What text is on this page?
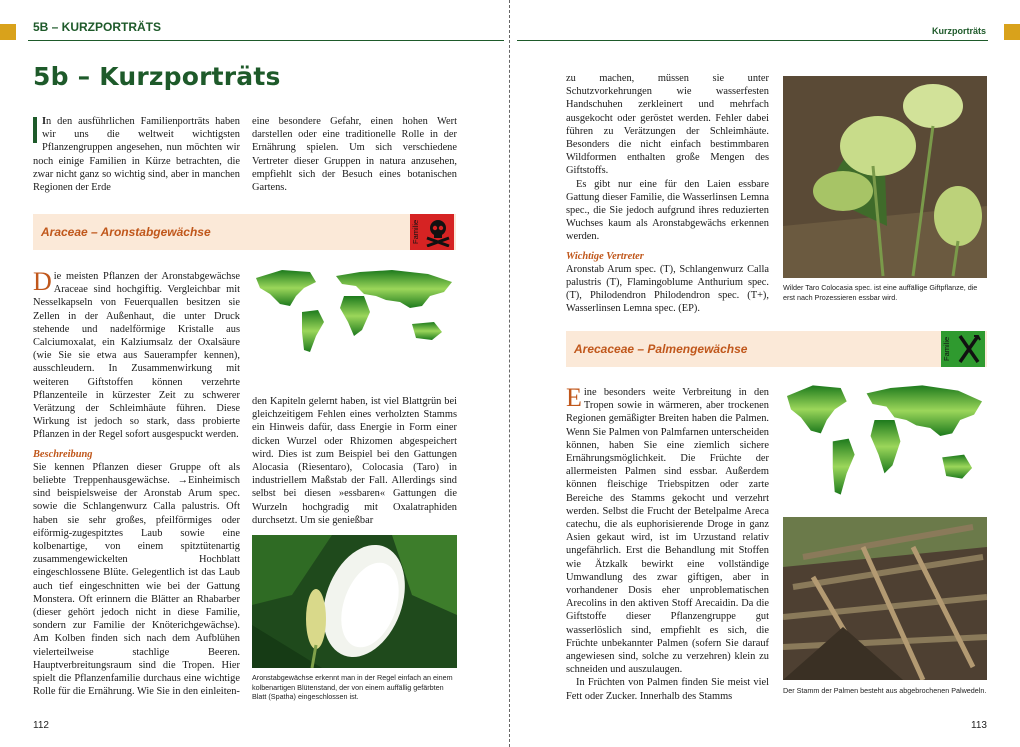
5B – KURZPORTRÄTS
5b – Kurzporträts

In den ausführlichen Familienporträts haben wir uns die weltweit wichtigsten Pflanzengruppen angesehen, nun möchten wir noch einige Familien in Kürze betrachten, die zwar nicht ganz so wichtig sind, aber in manchen Regionen der Erde

eine besondere Gefahr, einen hohen Wert darstellen oder eine traditionelle Rolle in der Ernährung spielen. Um sich verschiedene Vertreter dieser Gruppen in natura anzusehen, empfiehlt sich der Besuch eines botanischen Gartens.

Araceae – Aronstabgewächse	Familie

Die meisten Pflanzen der Aronstabgewächse Araceae sind hochgiftig. Vergleichbar mit Nesselkapseln von Feuerquallen besitzen sie Zellen in der Außenhaut, die unter Druck stehende und nadelförmige Kristalle aus Calciumoxalat, ein Kalziumsalz der Oxalsäure (wie Sie sie etwa aus Sauerampfer kennen), ausschleudern. In Zusammenwirkung mit weiteren Giftstoffen können verzehrte Pflanzenteile in kürzester Zeit zu schwerer Verätzung der Schleimhäute führen. Diese Wirkung ist jedoch so stark, dass probierte Pflanzen in der Regel sofort ausgespuckt werden.

Beschreibung

Sie kennen Pflanzen dieser Gruppe oft als beliebte Treppenhausgewächse. →Einheimisch sind beispielsweise der Aronstab Arum spec. sowie die Schlangenwurz Calla palustris. Oft haben sie sehr großes, pfeilförmiges oder eiförmig-zugespitztes Laub sowie eine kolbenartige, von einem spitztütenartig zusammengewickelten Hochblatt eingeschlossene Blüte. Gelegentlich ist das Laub auch tief eingeschnitten wie bei der Gattung Monstera. Oft erinnern die Blätter an Rhabarber (dieser gehört jedoch nicht in diese Familie, sondern zur Familie der Knöterichgewächse). Am Kolben finden sich nach dem Aufblühen vielerteilweise stachlige Beeren. Hauptverbreitungsraum sind die Tropen. Hier spielt die Pflanzenfamilie durchaus eine wichtige Rolle für die Ernährung. Wie Sie in den einleiten-

den Kapiteln gelernt haben, ist viel Blattgrün bei gleichzeitigem Fehlen eines verholzten Stamms ein Hinweis dafür, dass Energie in Form einer dicken Wurzel oder Rhizomen abgespeichert wird. Dies ist zum Beispiel bei den Gattungen Alocasia (Riesentaro), Colocasia (Taro) in industriellem Maßstab der Fall. Allerdings sind selbst bei diesen »essbaren« Gattungen die Wurzeln hochgradig mit Oxalatraphiden durchsetzt. Um sie genießbar

Aronstabgewächse erkennt man in der Regel einfach an einem kolbenartigen Blütenstand, der von einem auffällig gefärbten Blatt (Spatha) eingeschlossen ist.

112
Kurzporträts

zu machen, müssen sie unter Schutzvorkehrungen wie wasserfesten Handschuhen zerkleinert und mehrfach ausgekocht oder geröstet werden. Fehler dabei führen zu Verätzungen der Schleimhäute. Besonders die nicht einfach bestimmbaren Wildformen enthalten große Mengen des Giftstoffs.

Es gibt nur eine für den Laien essbare Gattung dieser Familie, die Wasserlinsen Lemna spec., die Sie jedoch aufgrund ihres reduzierten Wuchses kaum als Aronstabgewächs erkennen werden.

Wichtige Vertreter

Aronstab Arum spec. (T), Schlangenwurz Calla palustris (T), Flamingoblume Anthurium spec. (T), Philodendron Philodendron spec. (T+), Wasserlinsen Lemna spec. (EP).

Wilder Taro Colocasia spec. ist eine auffällige Giftpflanze, die erst nach Prozessieren essbar wird.

Arecaceae – Palmengewächse	Familie

Eine besonders weite Verbreitung in den Tropen sowie in wärmeren, aber trockenen Regionen gemäßigter Breiten haben die Palmen. Wenn Sie Palmen von Palmfarnen unterscheiden können, haben Sie eine ziemlich sichere Ernährungsmöglichkeit. Die Früchte der allermeisten Palmen sind essbar. Außerdem können fleischige Triebspitzen oder zarte Bereiche des Stamms gekocht und verzehrt werden. Selbst die Frucht der Betelpalme Areca catechu, die als euphorisierende Droge in ganz Asien gekaut wird, ist im Urzustand relativ ungefährlich. Erst die Behandlung mit Stoffen wie Ätzkalk bewirkt eine vollständige Umwandlung des zwar giftigen, aber in vorhandener Dosis eher unproblematischen Arecolins in den aktiven Stoff Arecaidin. Da die Giftstoffe dieser Pflanzengruppe gut wasserlöslich sind, empfiehlt es sich, die Früchte unbekannter Palmen (sofern Sie darauf angewiesen sind, solche zu verzehren) klein zu schneiden und auszulaugen.

In Früchten von Palmen finden Sie meist viel Fett oder Zucker. Innerhalb des Stamms

Der Stamm der Palmen besteht aus abgebrochenen Palwedeln.

113
